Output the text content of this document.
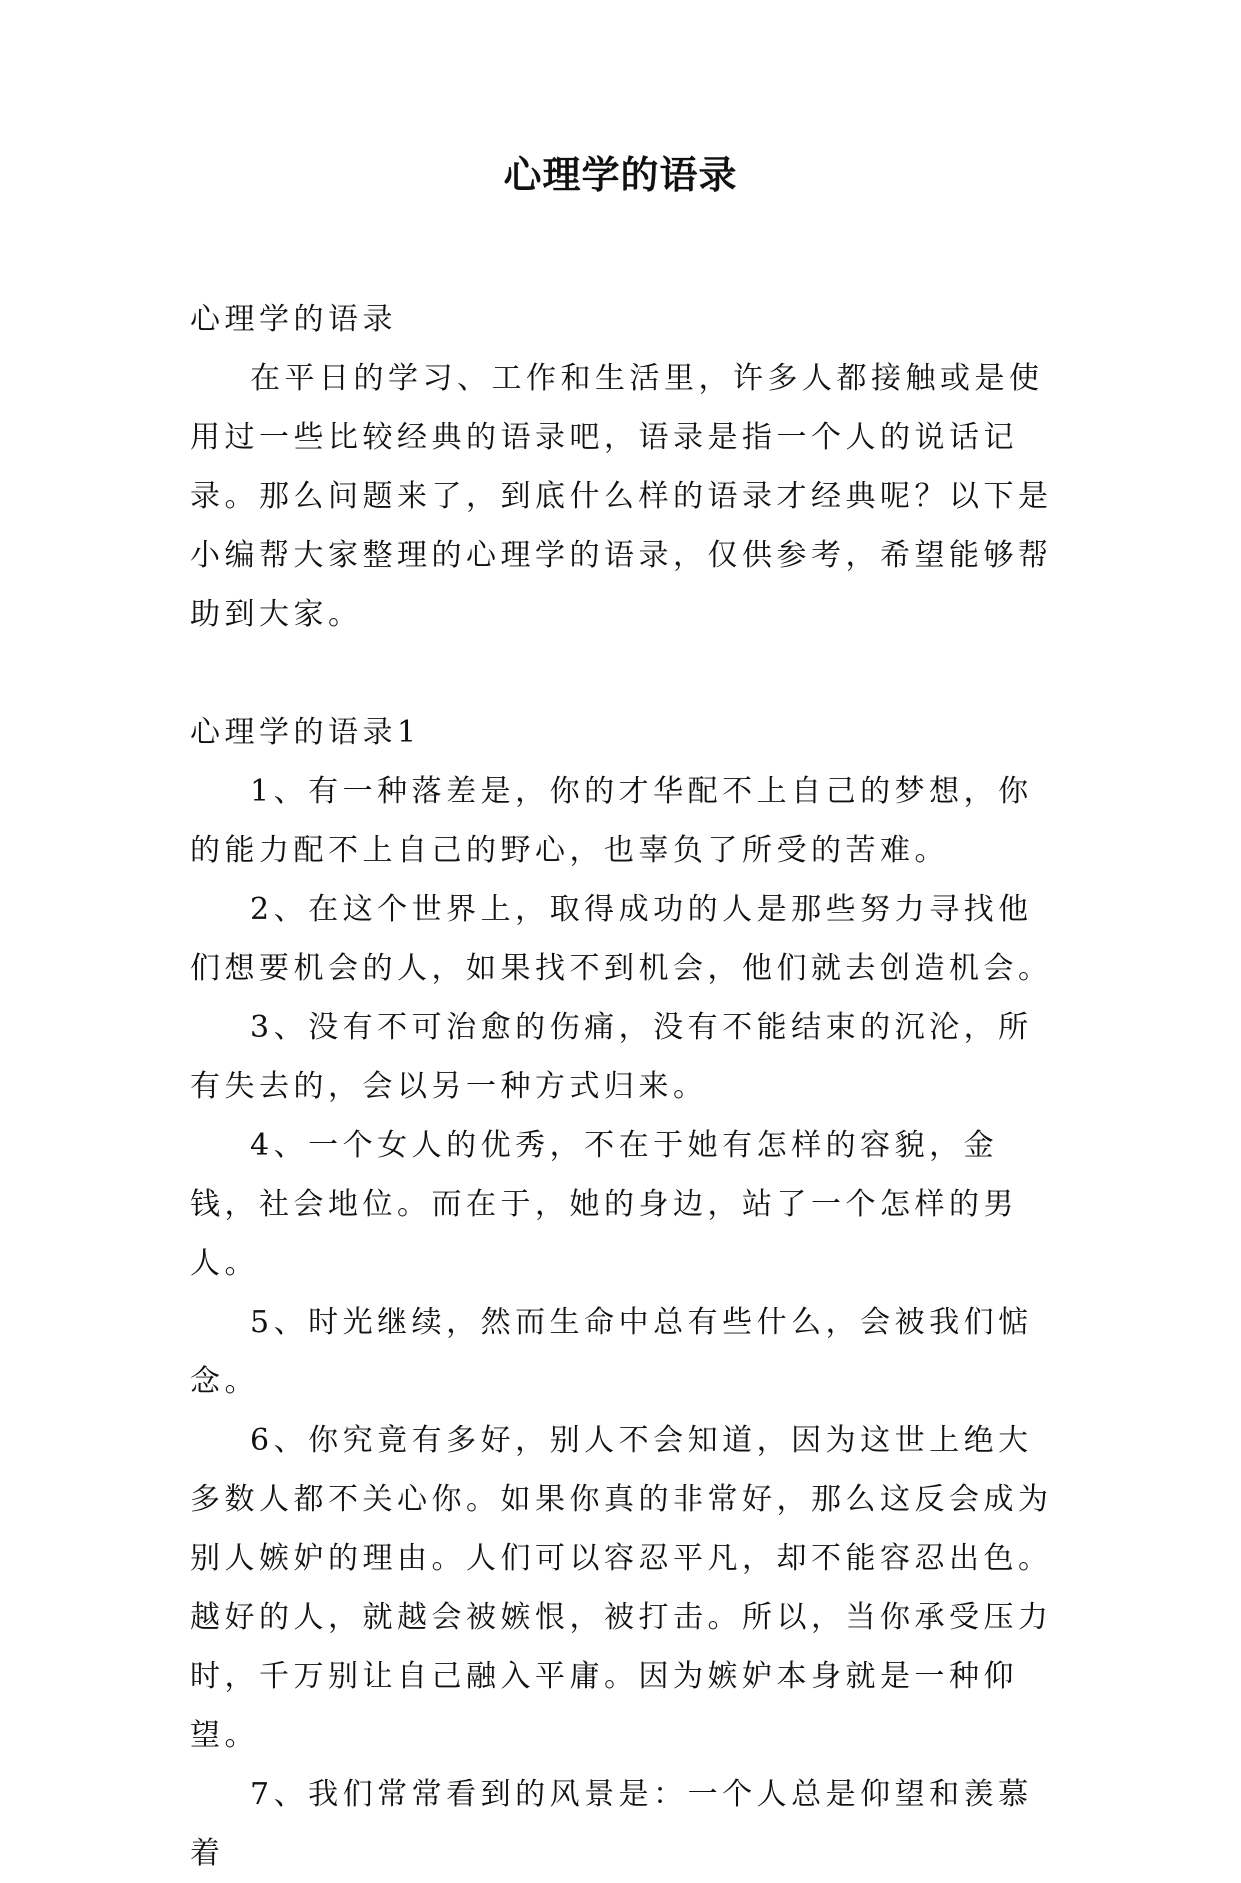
心理学的语录

心理学的语录

在平日的学习、工作和生活里，许多人都接触或是使用过一些比较经典的语录吧，语录是指一个人的说话记录。那么问题来了，到底什么样的语录才经典呢？以下是小编帮大家整理的心理学的语录，仅供参考，希望能够帮助到大家。

心理学的语录1

1、有一种落差是，你的才华配不上自己的梦想，你的能力配不上自己的野心，也辜负了所受的苦难。

2、在这个世界上，取得成功的人是那些努力寻找他们想要机会的人，如果找不到机会，他们就去创造机会。

3、没有不可治愈的伤痛，没有不能结束的沉沦，所有失去的，会以另一种方式归来。

4、一个女人的优秀，不在于她有怎样的容貌，金钱，社会地位。而在于，她的身边，站了一个怎样的男人。

5、时光继续，然而生命中总有些什么，会被我们惦念。

6、你究竟有多好，别人不会知道，因为这世上绝大多数人都不关心你。如果你真的非常好，那么这反会成为别人嫉妒的理由。人们可以容忍平凡，却不能容忍出色。越好的人，就越会被嫉恨，被打击。所以，当你承受压力时，千万别让自己融入平庸。因为嫉妒本身就是一种仰望。

7、我们常常看到的风景是：一个人总是仰望和羡慕着
